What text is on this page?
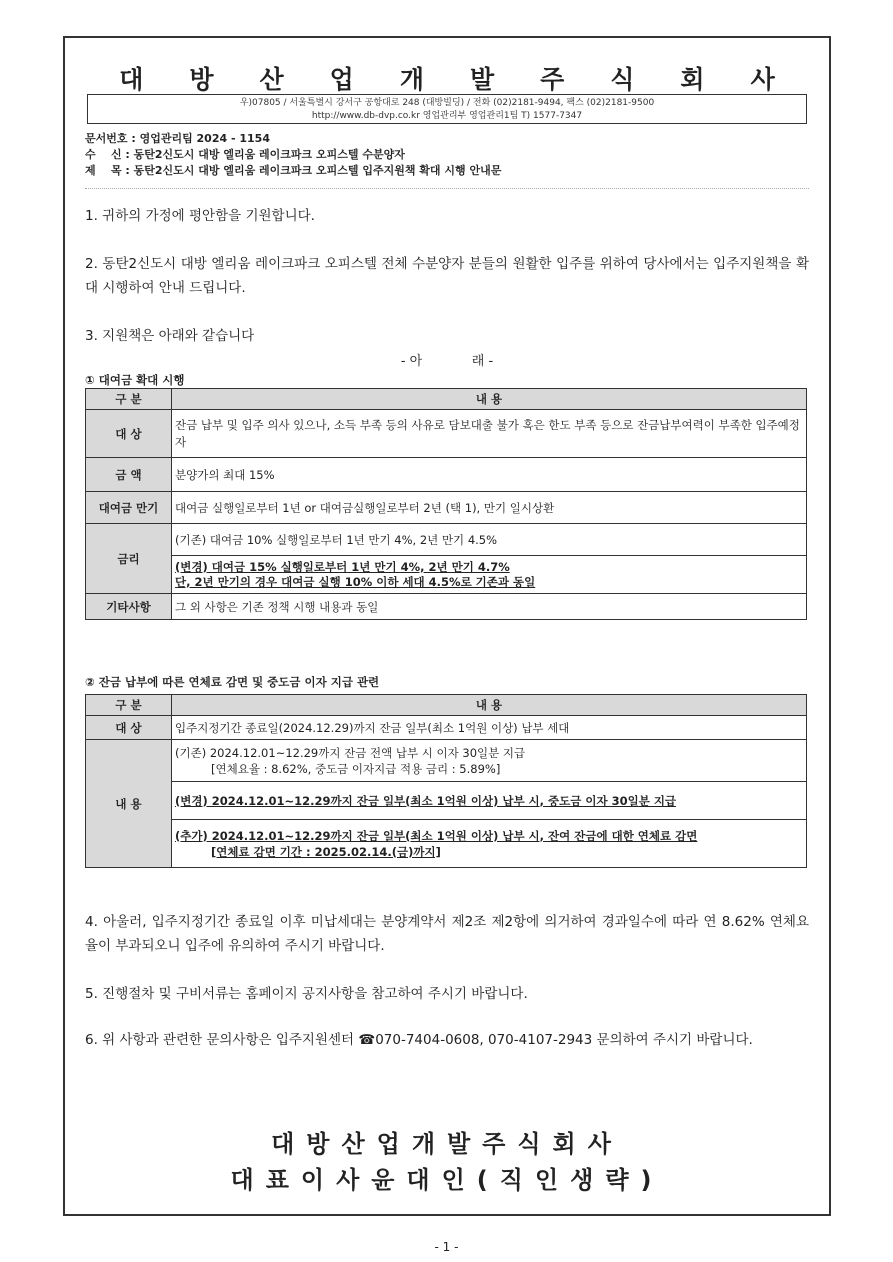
대방산업개발주식회사
우)07805 / 서울특별시 강서구 공항대로 248 (대방빌딩) / 전화 (02)2181-9494, 팩스 (02)2181-9500
http://www.db-dvp.co.kr 영업관리부 영업관리1팀 T) 1577-7347
문서번호 : 영업관리팀 2024 - 1154
수    신 : 동탄2신도시 대방 엘리움 레이크파크 오피스텔 수분양자
제    목 : 동탄2신도시 대방 엘리움 레이크파크 오피스텔 입주지원책 확대 시행 안내문
1. 귀하의 가정에 평안함을 기원합니다.
2. 동탄2신도시 대방 엘리움 레이크파크 오피스텔 전체 수분양자 분들의 원활한 입주를 위하여 당사에서는 입주지원책을 확대 시행하여 안내 드립니다.
3. 지원책은 아래와 같습니다
- 아            래 -
① 대여금 확대 시행
구 분	내 용
대 상	잔금 납부 및 입주 의사 있으나, 소득 부족 등의 사유로 담보대출 불가 혹은 한도 부족 등으로 잔금납부여력이 부족한 입주예정자
금 액	분양가의 최대 15%
대여금 만기	대여금 실행일로부터 1년 or 대여금실행일로부터 2년 (택 1), 만기 일시상환
금리	(기존) 대여금 10% 실행일로부터 1년 만기 4%, 2년 만기 4.5%

	(변경) 대여금 15% 실행일로부터 1년 만기 4%, 2년 만기 4.7%
단, 2년 만기의 경우 대여금 실행 10% 이하 세대 4.5%로 기존과 동일

기타사항	그 외 사항은 기존 정책 시행 내용과 동일
② 잔금 납부에 따른 연체료 감면 및 중도금 이자 지급 관련
구 분	내 용
대 상	입주지정기간 종료일(2024.12.29)까지 잔금 일부(최소 1억원 이상) 납부 세대
내 용	(기존) 2024.12.01~12.29까지 잔금 전액 납부 시 이자 30일분 지급
[연체요율 : 8.62%, 중도금 이자지급 적용 금리 : 5.89%]

	(변경) 2024.12.01~12.29까지 잔금 일부(최소 1억원 이상) 납부 시, 중도금 이자 30일분 지급

	(추가) 2024.12.01~12.29까지 잔금 일부(최소 1억원 이상) 납부 시, 잔여 잔금에 대한 연체료 감면
[연체료 감면 기간 : 2025.02.14.(금)까지]
4. 아울러, 입주지정기간 종료일 이후 미납세대는 분양계약서 제2조 제2항에 의거하여 경과일수에 따라 연 8.62% 연체요율이 부과되오니 입주에 유의하여 주시기 바랍니다.
5. 진행절차 및 구비서류는 홈페이지 공지사항을 참고하여 주시기 바랍니다.
6. 위 사항과 관련한 문의사항은 입주지원센터 ☎070-7404-0608, 070-4107-2943 문의하여 주시기 바랍니다.
대방산업개발주식회사
대표이사윤대인(직인생략)
- 1 -
